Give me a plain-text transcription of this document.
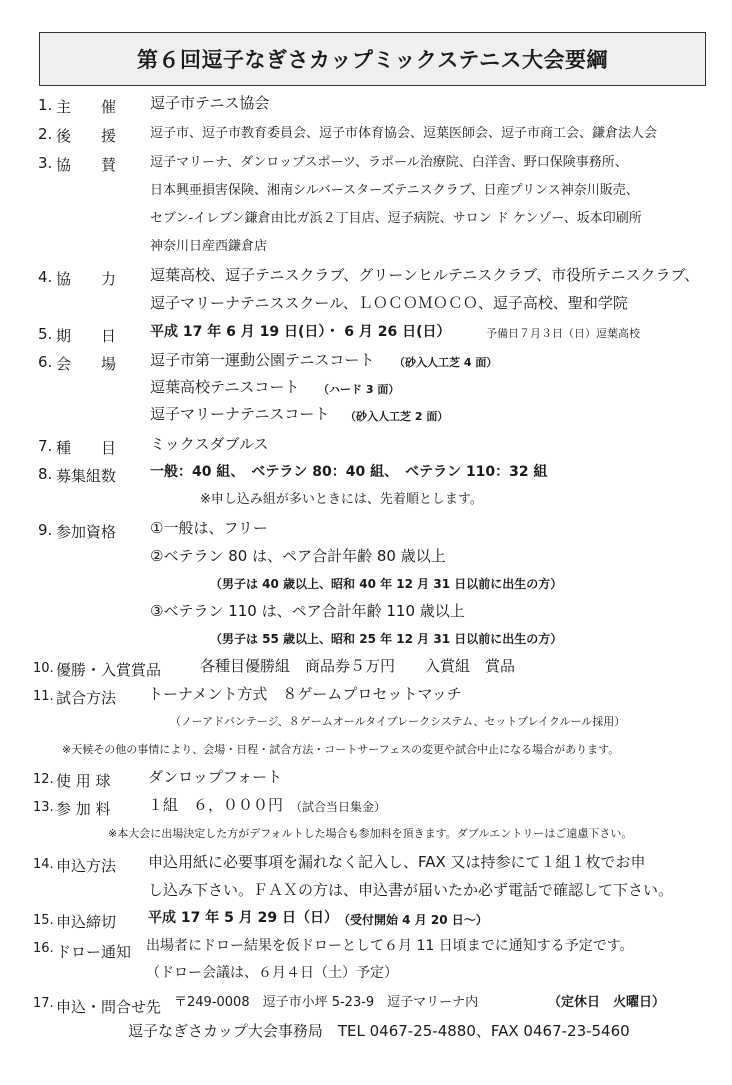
第６回逗子なぎさカップミックステニス大会要綱
1. 主　　催 逗子市テニス協会
2. 後　　援	逗子市、逗子市教育委員会、逗子市体育協会、逗葉医師会、逗子市商工会、鎌倉法人会
3. 協　　賛	逗子マリーナ、ダンロップスポーツ、ラポール治療院、白洋舎、野口保険事務所、
日本興亜損害保険、湘南シルバースターズテニスクラブ、日産プリンス神奈川販売、
セブン-イレブン鎌倉由比ガ浜２丁目店、逗子病院、サロン ド ケンゾー、坂本印刷所
神奈川日産西鎌倉店
4. 協　　力 逗葉高校、逗子テニスクラブ、グリーンヒルテニスクラブ、市役所テニスクラブ、
逗子マリーナテニススクール、ＬＯＣＯＭＯＣＯ、逗子高校、聖和学院
5. 期　　日 平成 17 年 6 月 19 日(日）・ 6 月 26 日(日）	予備日７月３日（日）逗葉高校
6. 会　　場 逗子市第一運動公園テニスコート （砂入人工芝 4 面）
逗葉高校テニスコート （ハード 3 面）
逗子マリーナテニスコート （砂入人工芝 2 面）
7. 種　　目 ミックスダブルス
8. 募集組数 一般：40 組、　ベテラン 80：40 組、　ベテラン 110：32 組
※申し込み組が多いときには、先着順とします。
9. 参加資格 ①一般は、フリー
②ベテラン 80 は、ペア合計年齢 80 歳以上
（男子は 40 歳以上、昭和 40 年 12 月 31 日以前に出生の方）
③ベテラン 110 は、ペア合計年齢 110 歳以上
（男子は 55 歳以上、昭和 25 年 12 月 31 日以前に出生の方）
10. 優勝・入賞賞品	各種目優勝組　商品券５万円　　入賞組　賞品
11. 試合方法 トーナメント方式　８ゲームプロセットマッチ
（ノーアドバンテージ、８ゲームオールタイブレークシステム、セットブレイクルール採用）
※天候その他の事情により、会場・日程・試合方法・コートサーフェスの変更や試合中止になる場合があります。
12. 使 用 球 ダンロップフォート
13. 参 加 料 １組　６，０００円 （試合当日集金）
※本大会に出場決定した方がデフォルトした場合も参加料を頂きます。ダブルエントリーはご遠慮下さい。
14. 申込方法 申込用紙に必要事項を漏れなく記入し、FAX 又は持参にて１組１枚でお申
し込み下さい。ＦＡＸの方は、申込書が届いたか必ず電話で確認して下さい。
15. 申込締切 平成 17 年 5 月 29 日（日） （受付開始 4 月 20 日～）
16. ドロー通知 出場者にドロー結果を仮ドローとして６月 11 日頃までに通知する予定です。
（ドロー会議は、６月４日（土）予定）
17. 申込・問合せ先 〒249-0008　逗子市小坪 5-23-9　逗子マリーナ内	（定休日　火曜日）
逗子なぎさカップ大会事務局　TEL 0467-25-4880、FAX 0467-23-5460
